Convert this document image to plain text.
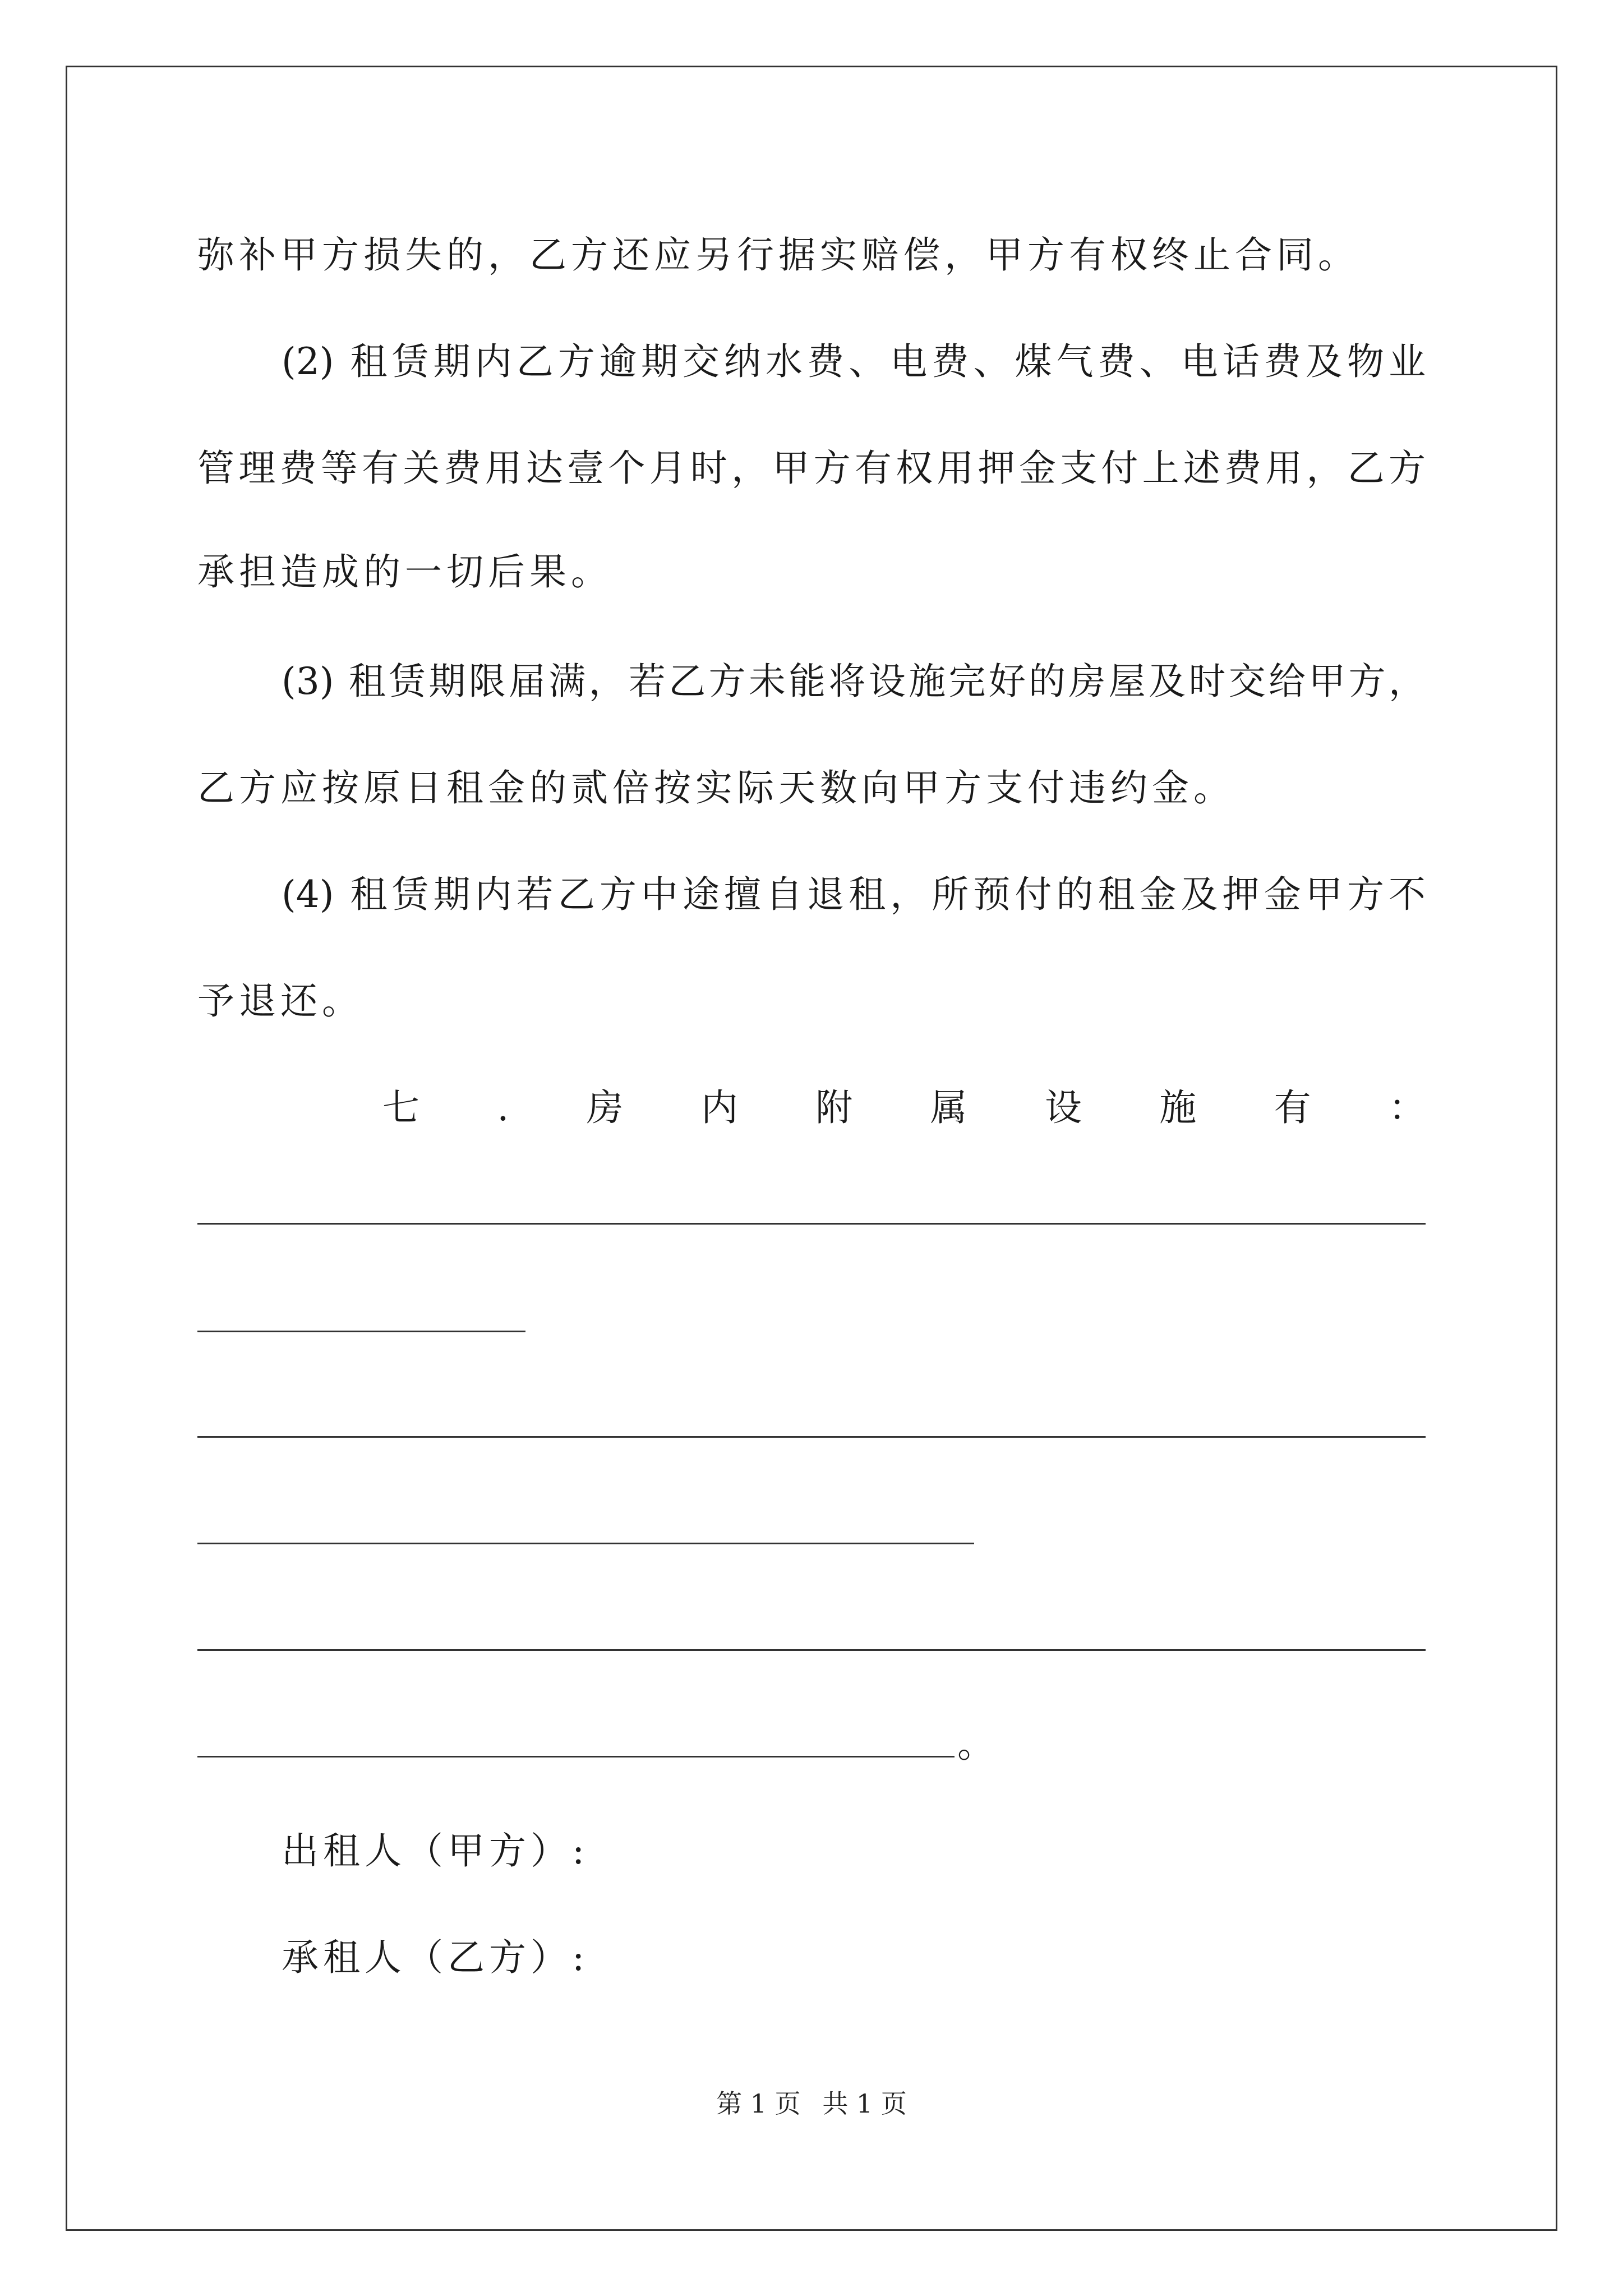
弥补甲方损失的，乙方还应另行据实赔偿，甲方有权终止合同。
(2) 租赁期内乙方逾期交纳水费、电费、煤气费、电话费及物业
管理费等有关费用达壹个月时，甲方有权用押金支付上述费用，乙方
承担造成的一切后果。
(3) 租赁期限届满，若乙方未能将设施完好的房屋及时交给甲方，
乙方应按原日租金的贰倍按实际天数向甲方支付违约金。
(4) 租赁期内若乙方中途擅自退租，所预付的租金及押金甲方不
予退还。
七 . 房 内 附 属 设 施 有 ：
。
出租人（甲方）:
承租人（乙方）:
第 1 页 共 1 页
